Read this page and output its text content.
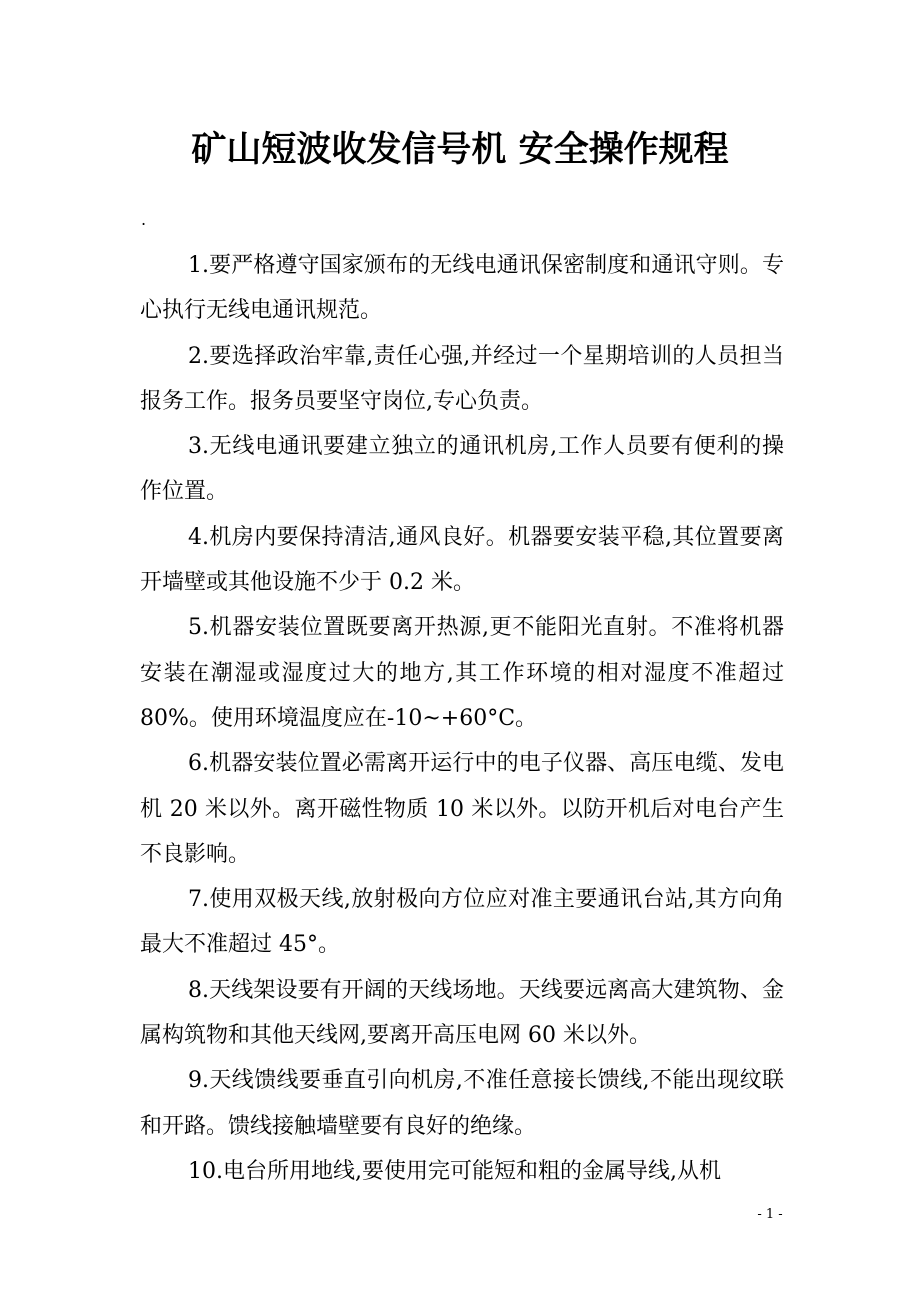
矿山短波收发信号机 安全操作规程
.

1.要严格遵守国家颁布的无线电通讯保密制度和通讯守则。专心执行无线电通讯规范。

2.要选择政治牢靠,责任心强,并经过一个星期培训的人员担当报务工作。报务员要坚守岗位,专心负责。

3.无线电通讯要建立独立的通讯机房,工作人员要有便利的操作位置。

4.机房内要保持清洁,通风良好。机器要安装平稳,其位置要离开墙壁或其他设施不少于 0.2 米。

5.机器安装位置既要离开热源,更不能阳光直射。不准将机器安装在潮湿或湿度过大的地方,其工作环境的相对湿度不准超过 80%。使用环境温度应在-10~+60°C。

6.机器安装位置必需离开运行中的电子仪器、高压电缆、发电机 20 米以外。离开磁性物质 10 米以外。以防开机后对电台产生不良影响。

7.使用双极天线,放射极向方位应对准主要通讯台站,其方向角最大不准超过 45°。

8.天线架设要有开阔的天线场地。天线要远离高大建筑物、金属构筑物和其他天线网,要离开高压电网 60 米以外。

9.天线馈线要垂直引向机房,不准任意接长馈线,不能出现纹联和开路。馈线接触墙壁要有良好的绝缘。

10.电台所用地线,要使用完可能短和粗的金属导线,从机

- 1 -
